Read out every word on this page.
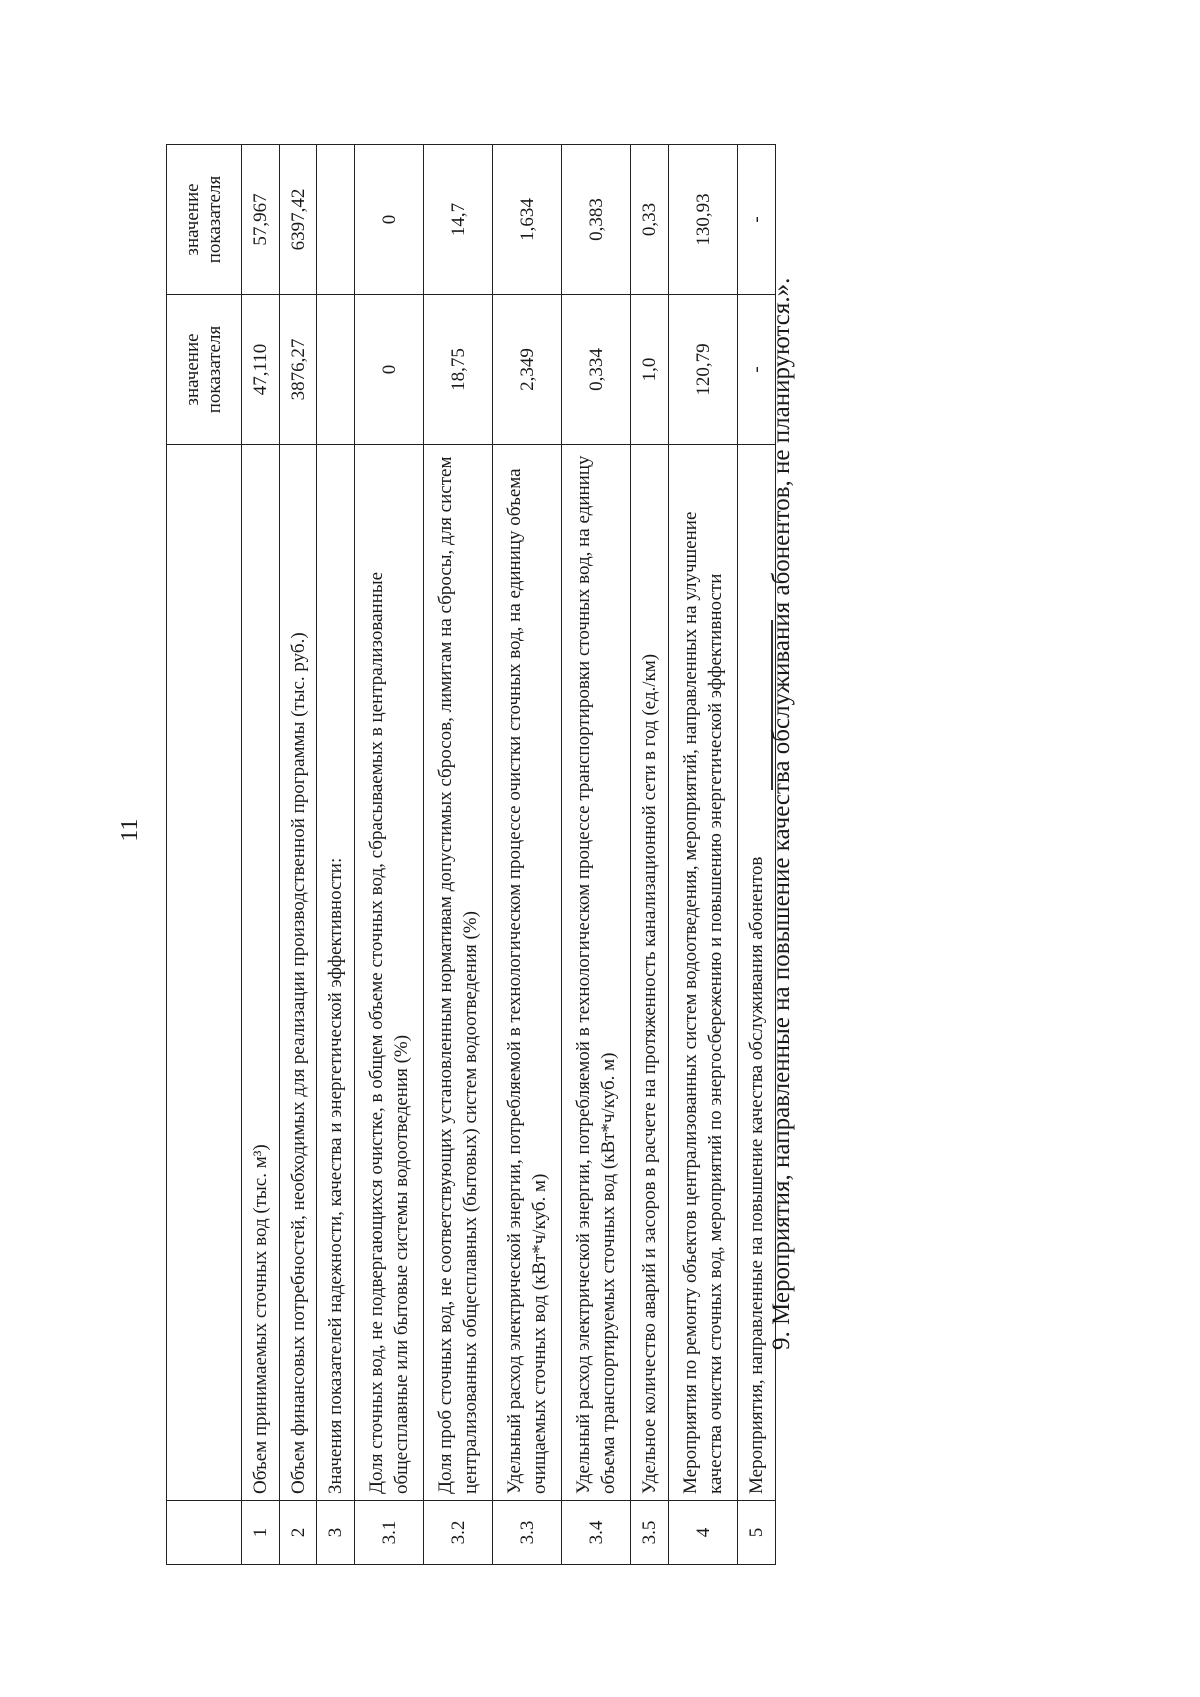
11
		значение показателя	значение показателя
1	Объем принимаемых сточных вод (тыс. м³)	47,110	57,967
2	Объем финансовых потребностей, необходимых для реализации производственной программы (тыс. руб.)	3876,27	6397,42
3	Значения показателей надежности, качества и энергетической эффективности:		
3.1	Доля сточных вод, не подвергающихся очистке, в общем объеме сточных вод, сбрасываемых в централизованные общесплавные или бытовые системы водоотведения (%)	0	0
3.2	Доля проб сточных вод, не соответствующих установленным нормативам допустимых сбросов, лимитам на сбросы, для систем централизованных общесплавных (бытовых) систем водоотведения (%)	18,75	14,7
3.3	Удельный расход электрической энергии, потребляемой в технологическом процессе очистки сточных вод, на единицу объема очищаемых сточных вод (кВт*ч/куб. м)	2,349	1,634
3.4	Удельный расход электрической энергии, потребляемой в технологическом процессе транспортировки сточных вод, на единицу объема транспортируемых сточных вод (кВт*ч/куб. м)	0,334	0,383
3.5	Удельное количество аварий и засоров в расчете на протяженность канализационной сети в год (ед./км)	1,0	0,33
4	Мероприятия по ремонту объектов централизованных систем водоотведения, мероприятий, направленных на улучшение качества очистки сточных вод, мероприятий по энергосбережению и повышению энергетической эффективности	120,79	130,93
5	Мероприятия, направленные на повышение качества обслуживания абонентов	-	-
9. Мероприятия, направленные на повышение качества обслуживания абонентов, не планируются.».
